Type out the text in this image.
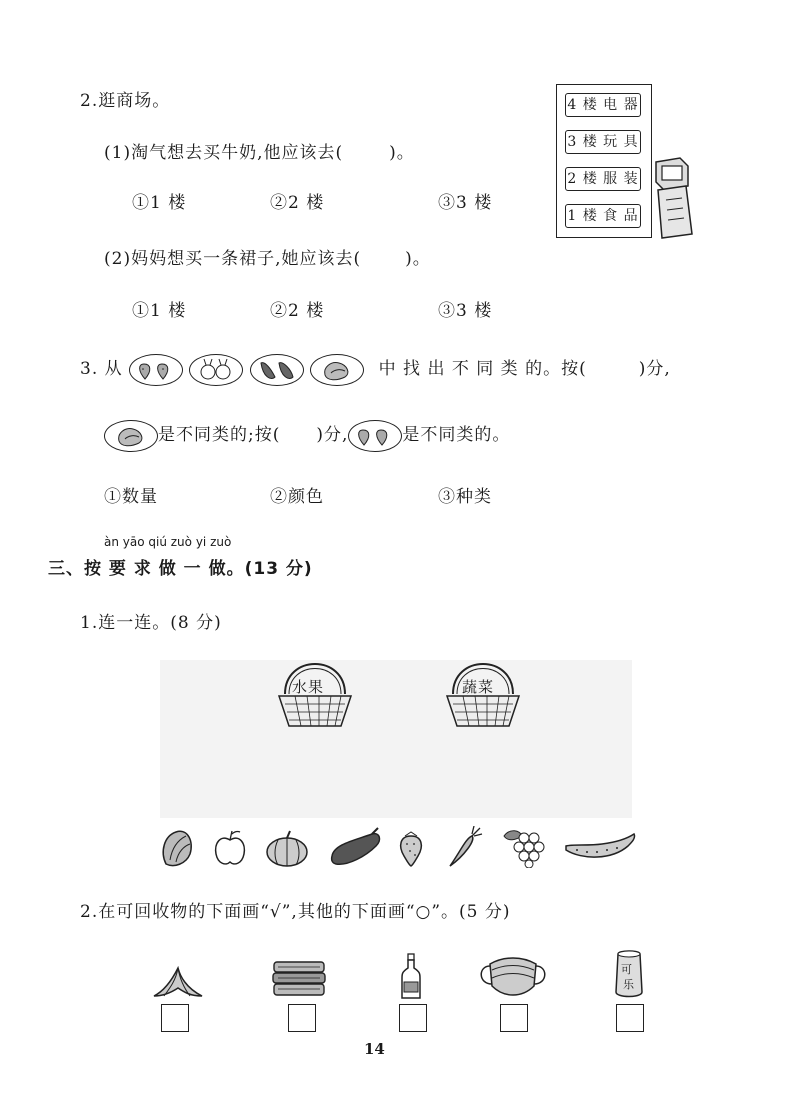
2.逛商场。
(1)淘气想去买牛奶,他应该去(	)。
①1 楼	②2 楼	③3 楼
(2)妈妈想买一条裙子,她应该去(	)。
①1 楼	②2 楼	③3 楼
4 楼 电 器
3 楼 玩 具
2 楼 服 装
1 楼 食 品
3. 从

	中 找 出 不 同 类 的。按(	)分,
是不同类的;按( )分,	是不同类的。
①数量	②颜色	③种类
àn yāo qiú zuò yi zuò
三、按 要 求 做 一 做。(13 分)
1.连一连。(8 分)
水果	蔬菜
2.在可回收物的下面画“√”,其他的下面画“○”。(5 分)
可
乐
14
